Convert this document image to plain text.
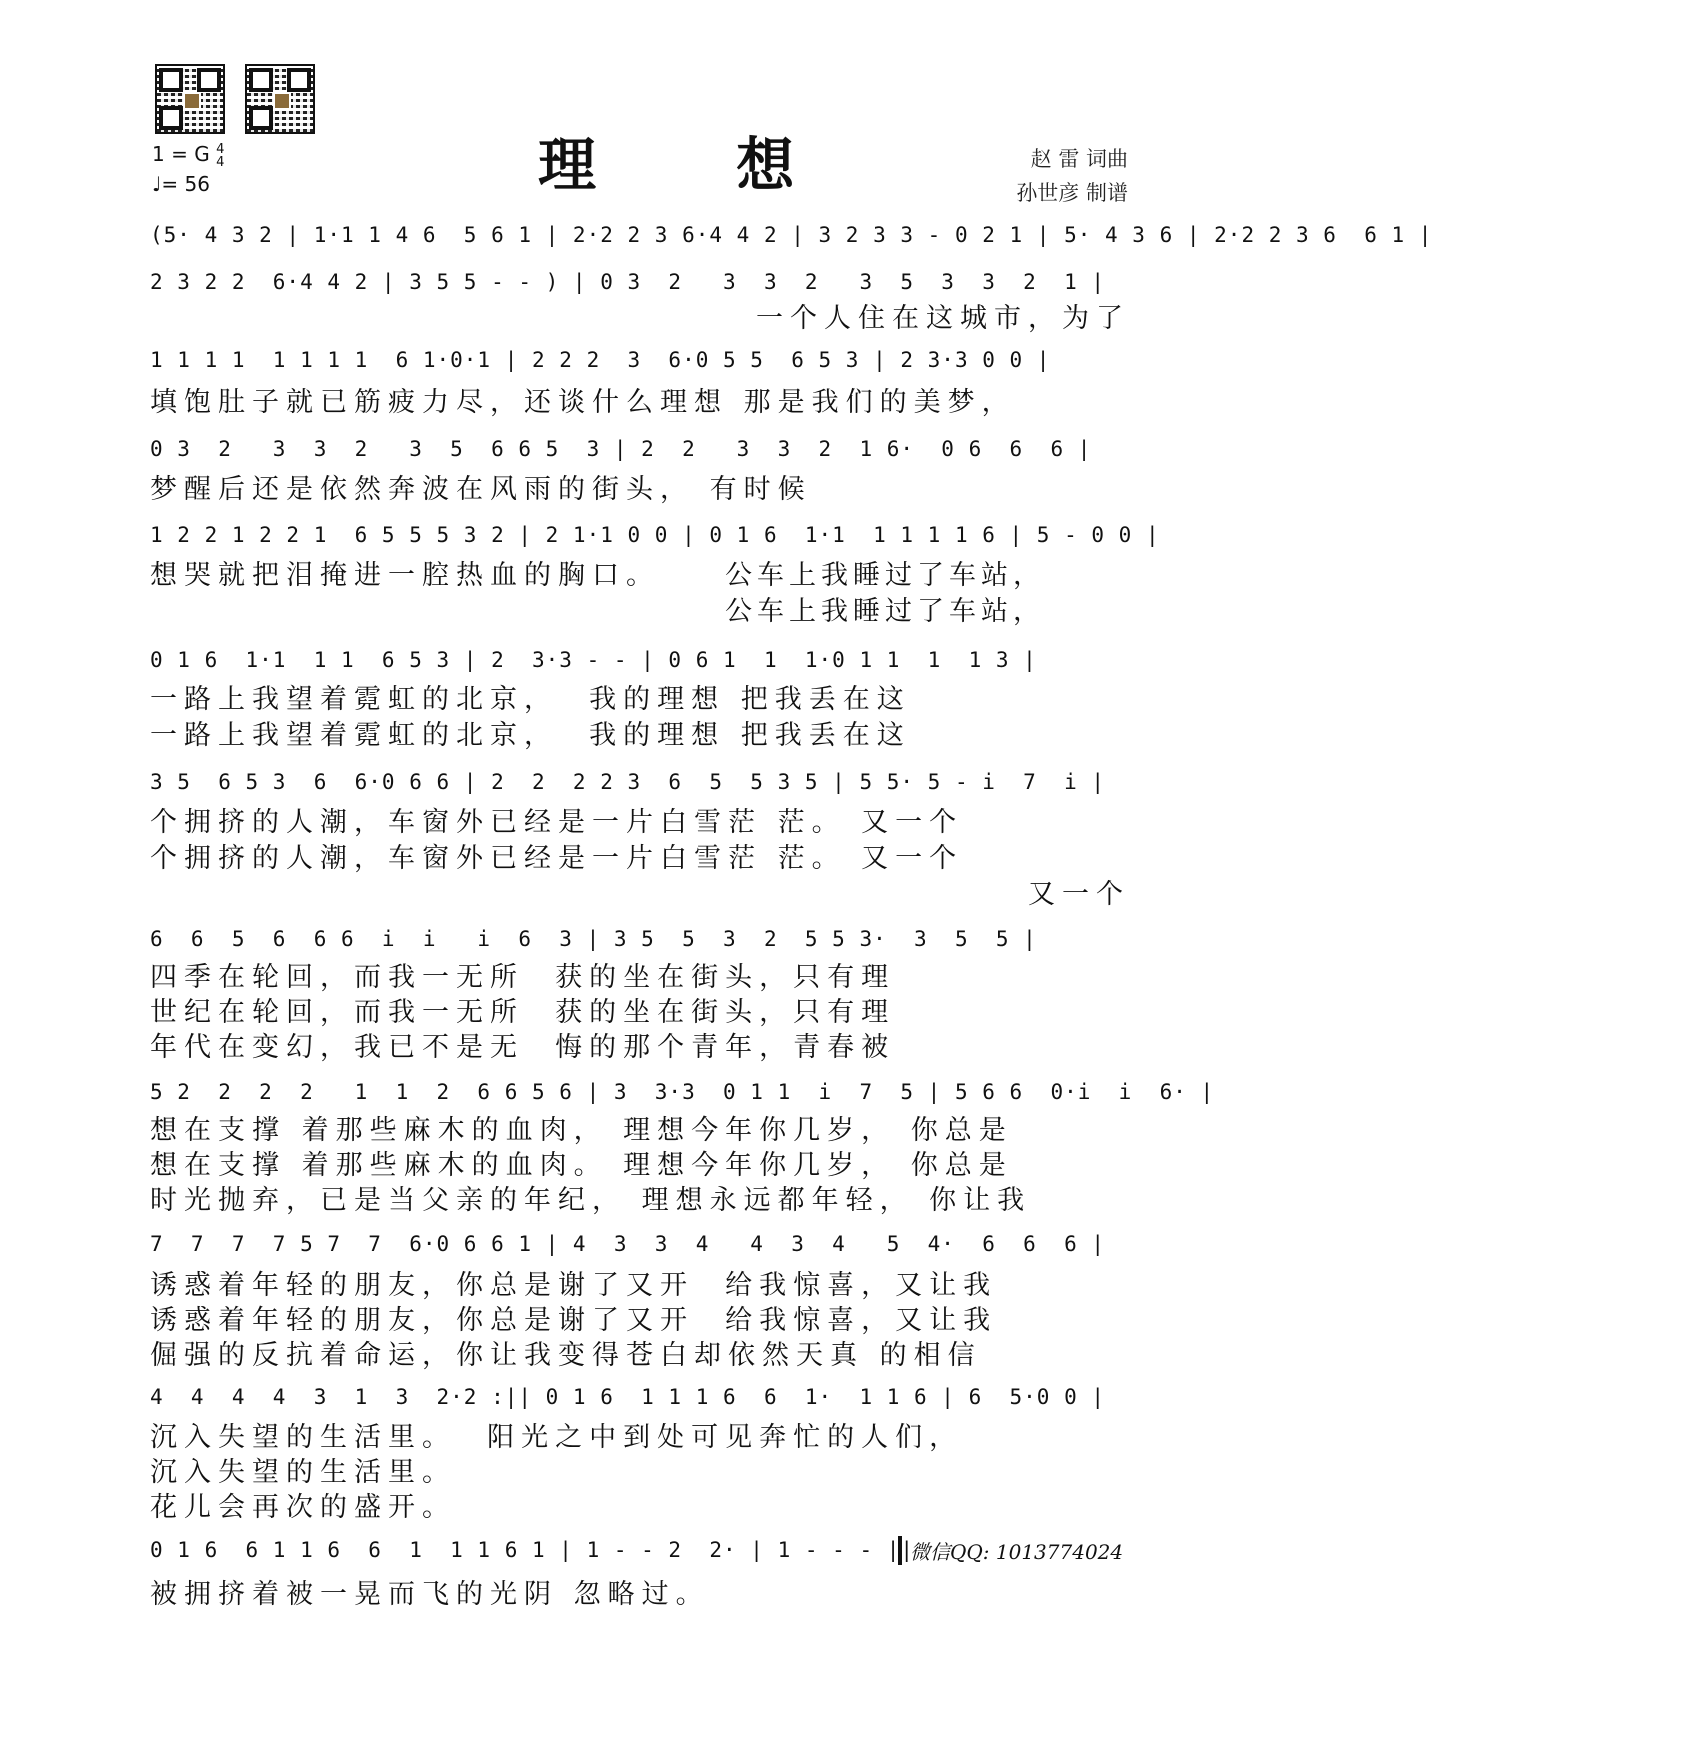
1 = G 4
4
♩= 56	理 想	赵 雷 词曲
孙世彦 制谱
(5· 4 3 2 | 1·1 1 4 6  5 6 1 | 2·2 2 3 6·4 4 2 | 3 2 3 3 - 0 2 1 | 5· 4 3 6 | 2·2 2 3 6  6 1 |
2 3 2 2  6·4 4 2 | 3 5 5 - - ) | 0 3  2   3  3  2   3  5  3  3  2  1 |
一个人住在这城市，为了
1 1 1 1  1 1 1 1  6 1·0·1 | 2 2 2  3  6·0 5 5  6 5 3 | 2 3·3 0 0 |
填饱肚子就已筋疲力尽，还谈什么理想 那是我们的美梦，
0 3  2   3  3  2   3  5  6 6 5  3 | 2  2   3  3  2  1 6·  0 6  6  6 |
梦醒后还是依然奔波在风雨的街头， 有时候
1 2 2 1 2 2 1  6 5 5 5 3 2 | 2 1·1 0 0 | 0 1 6  1·1  1 1 1 1 6 | 5 - 0 0 |
想哭就把泪掩进一腔热血的胸口。	公车上我睡过了车站，
公车上我睡过了车站，
0 1 6  1·1  1 1  6 5 3 | 2  3·3 - - | 0 6 1  1  1·0 1 1  1  1 3 |
一路上我望着霓虹的北京，  我的理想 把我丢在这
一路上我望着霓虹的北京，  我的理想 把我丢在这
3 5  6 5 3  6  6·0 6 6 | 2  2  2 2 3  6  5  5 3 5 | 5 5· 5 - i  7  i |
个拥挤的人潮，车窗外已经是一片白雪茫 茫。 又一个
个拥挤的人潮，车窗外已经是一片白雪茫 茫。 又一个
又一个
6  6  5  6  6 6  i  i   i  6  3 | 3 5  5  3  2  5 5 3·  3  5  5 |
四季在轮回，而我一无所  获的坐在街头，只有理
世纪在轮回，而我一无所  获的坐在街头，只有理
年代在变幻，我已不是无  悔的那个青年，青春被
5 2  2  2  2   1  1  2  6 6 5 6 | 3  3·3  0 1 1  i  7  5 | 5 6 6  0·i  i  6· |
想在支撑 着那些麻木的血肉， 理想今年你几岁， 你总是
想在支撑 着那些麻木的血肉。 理想今年你几岁， 你总是
时光抛弃，已是当父亲的年纪， 理想永远都年轻， 你让我
7  7  7  7 5 7  7  6·0 6 6 1 | 4  3  3  4   4  3  4   5  4·  6  6  6 |
诱惑着年轻的朋友，你总是谢了又开  给我惊喜，又让我
诱惑着年轻的朋友，你总是谢了又开  给我惊喜，又让我
倔强的反抗着命运，你让我变得苍白却依然天真 的相信
4  4  4  4  3  1  3  2·2 :|| 0 1 6  1 1 1 6  6  1·  1 1 6 | 6  5·0 0 |
沉入失望的生活里。  阳光之中到处可见奔忙的人们，
沉入失望的生活里。
花儿会再次的盛开。
0 1 6  6 1 1 6  6  1  1 1 6 1 | 1 - - 2  2· | 1 - - - ||
微信QQ: 1013774024
被拥挤着被一晃而飞的光阴 忽略过。
